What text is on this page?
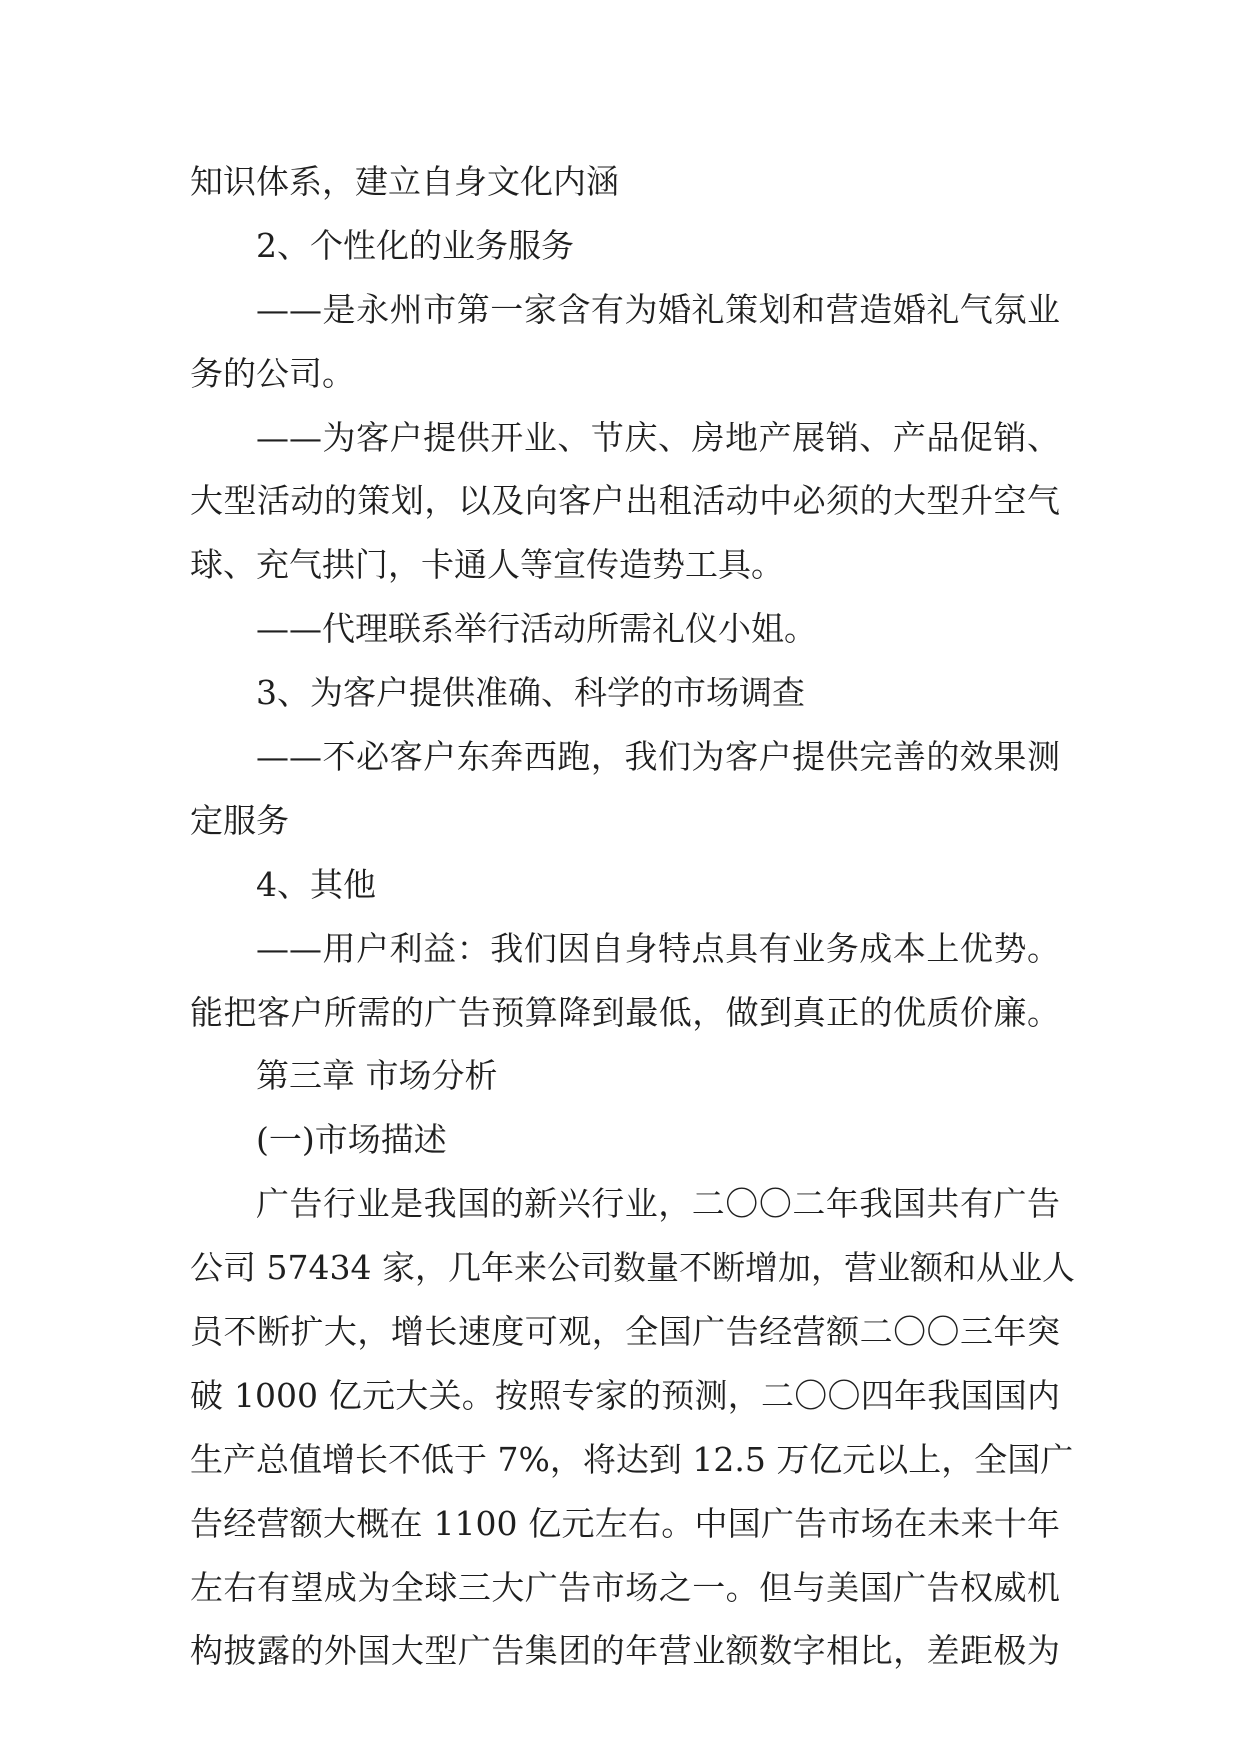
知识体系，建立自身文化内涵
2、个性化的业务服务
——是永州市第一家含有为婚礼策划和营造婚礼气氛业
务的公司。
——为客户提供开业、节庆、房地产展销、产品促销、
大型活动的策划，以及向客户出租活动中必须的大型升空气
球、充气拱门，卡通人等宣传造势工具。
——代理联系举行活动所需礼仪小姐。
3、为客户提供准确、科学的市场调查
——不必客户东奔西跑，我们为客户提供完善的效果测
定服务
4、其他
——用户利益：我们因自身特点具有业务成本上优势。
能把客户所需的广告预算降到最低，做到真正的优质价廉。
第三章 市场分析
(一)市场描述
广告行业是我国的新兴行业，二〇〇二年我国共有广告
公司 57434 家，几年来公司数量不断增加，营业额和从业人
员不断扩大，增长速度可观，全国广告经营额二〇〇三年突
破 1000 亿元大关。按照专家的预测，二〇〇四年我国国内
生产总值增长不低于 7%，将达到 12.5 万亿元以上，全国广
告经营额大概在 1100 亿元左右。中国广告市场在未来十年
左右有望成为全球三大广告市场之一。但与美国广告权威机
构披露的外国大型广告集团的年营业额数字相比，差距极为
